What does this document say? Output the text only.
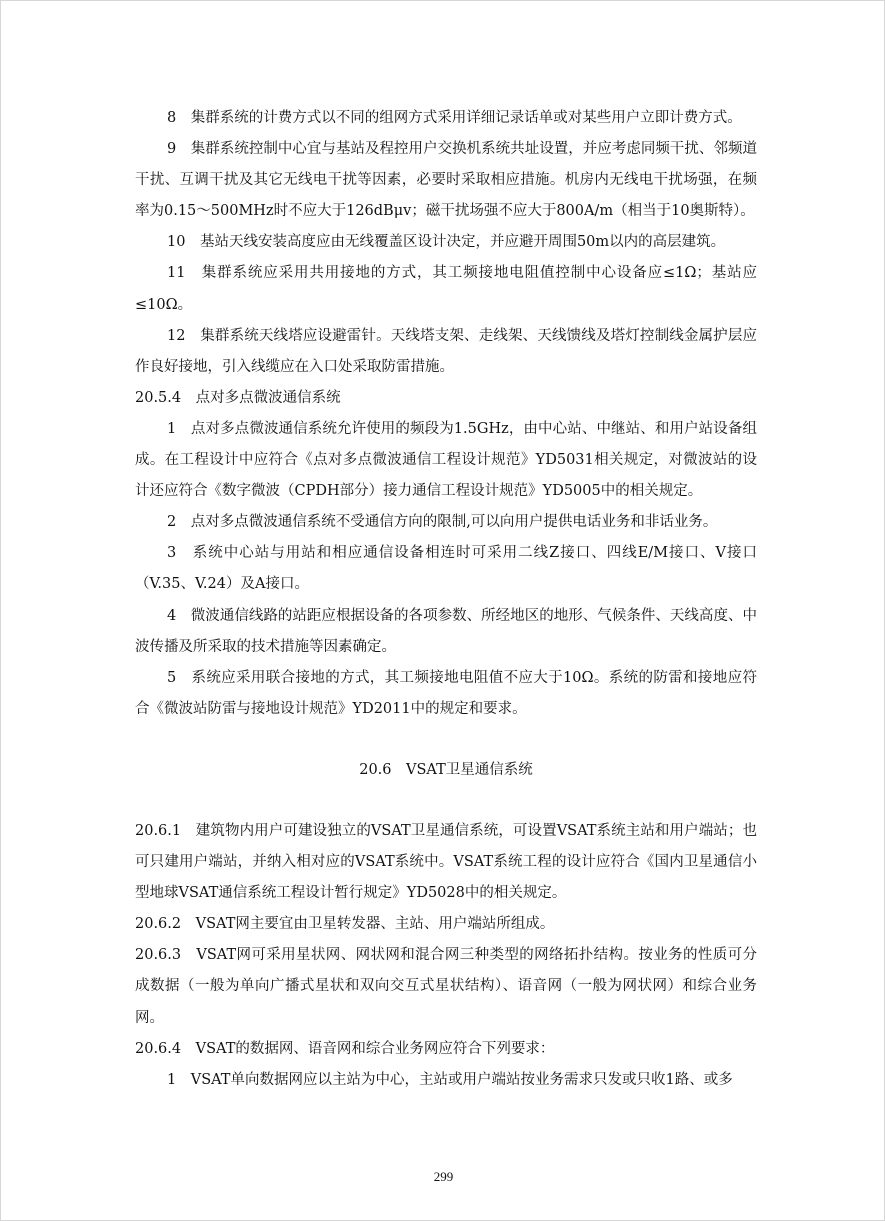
8　集群系统的计费方式以不同的组网方式采用详细记录话单或对某些用户立即计费方式。

9　集群系统控制中心宜与基站及程控用户交换机系统共址设置，并应考虑同频干扰、邻频道干扰、互调干扰及其它无线电干扰等因素，必要时采取相应措施。机房内无线电干扰场强，在频率为0.15～500MHz时不应大于126dBμv；磁干扰场强不应大于800A/m（相当于10奥斯特）。

10　基站天线安装高度应由无线覆盖区设计决定，并应避开周围50m以内的高层建筑。

11　集群系统应采用共用接地的方式，其工频接地电阻值控制中心设备应≤1Ω；基站应≤10Ω。

12　集群系统天线塔应设避雷针。天线塔支架、走线架、天线馈线及塔灯控制线金属护层应作良好接地，引入线缆应在入口处采取防雷措施。

20.5.4　点对多点微波通信系统

1　点对多点微波通信系统允许使用的频段为1.5GHz，由中心站、中继站、和用户站设备组成。在工程设计中应符合《点对多点微波通信工程设计规范》YD5031相关规定，对微波站的设计还应符合《数字微波（CPDH部分）接力通信工程设计规范》YD5005中的相关规定。

2　点对多点微波通信系统不受通信方向的限制,可以向用户提供电话业务和非话业务。

3　系统中心站与用站和相应通信设备相连时可采用二线Z接口、四线E/M接口、V接口（V.35、V.24）及A接口。

4　微波通信线路的站距应根据设备的各项参数、所经地区的地形、气候条件、天线高度、中波传播及所采取的技术措施等因素确定。

5　系统应采用联合接地的方式，其工频接地电阻值不应大于10Ω。系统的防雷和接地应符合《微波站防雷与接地设计规范》YD2011中的规定和要求。

20.6　VSAT卫星通信系统

20.6.1　建筑物内用户可建设独立的VSAT卫星通信系统，可设置VSAT系统主站和用户端站；也可只建用户端站，并纳入相对应的VSAT系统中。VSAT系统工程的设计应符合《国内卫星通信小型地球VSAT通信系统工程设计暂行规定》YD5028中的相关规定。

20.6.2　VSAT网主要宜由卫星转发器、主站、用户端站所组成。

20.6.3　VSAT网可采用星状网、网状网和混合网三种类型的网络拓扑结构。按业务的性质可分成数据（一般为单向广播式星状和双向交互式星状结构）、语音网（一般为网状网）和综合业务网。

20.6.4　VSAT的数据网、语音网和综合业务网应符合下列要求：

1　VSAT单向数据网应以主站为中心，主站或用户端站按业务需求只发或只收1路、或多

299
